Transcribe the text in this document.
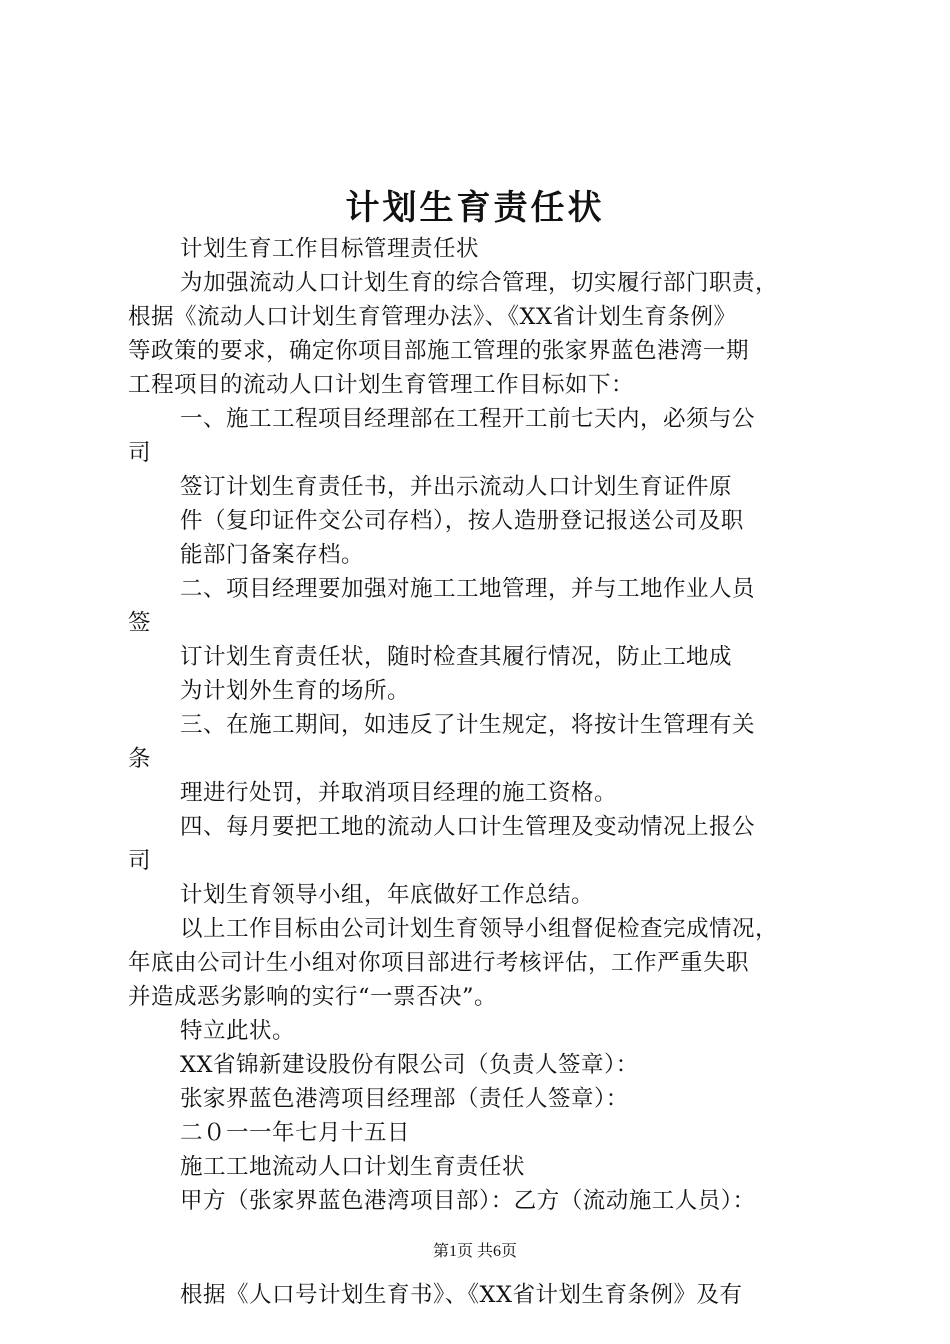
计划生育责任状
计划生育工作目标管理责任状
为加强流动人口计划生育的综合管理，切实履行部门职责，
根据《流动人口计划生育管理办法》、《XX省计划生育条例》
等政策的要求，确定你项目部施工管理的张家界蓝色港湾一期
工程项目的流动人口计划生育管理工作目标如下：
一、施工工程项目经理部在工程开工前七天内，必须与公
司
签订计划生育责任书，并出示流动人口计划生育证件原
件（复印证件交公司存档），按人造册登记报送公司及职
能部门备案存档。
二、项目经理要加强对施工工地管理，并与工地作业人员
签
订计划生育责任状，随时检查其履行情况，防止工地成
为计划外生育的场所。
三、在施工期间，如违反了计生规定，将按计生管理有关
条
理进行处罚，并取消项目经理的施工资格。
四、每月要把工地的流动人口计生管理及变动情况上报公
司
计划生育领导小组，年底做好工作总结。
以上工作目标由公司计划生育领导小组督促检查完成情况，
年底由公司计生小组对你项目部进行考核评估，工作严重失职
并造成恶劣影响的实行“一票否决”。
特立此状。
XX省锦新建设股份有限公司（负责人签章）：
张家界蓝色港湾项目经理部（责任人签章）：
二０一一年七月十五日
施工工地流动人口计划生育责任状
甲方（张家界蓝色港湾项目部）：乙方（流动施工人员）：
根据《人口号计划生育书》、《XX省计划生育条例》及有
第1页 共6页
